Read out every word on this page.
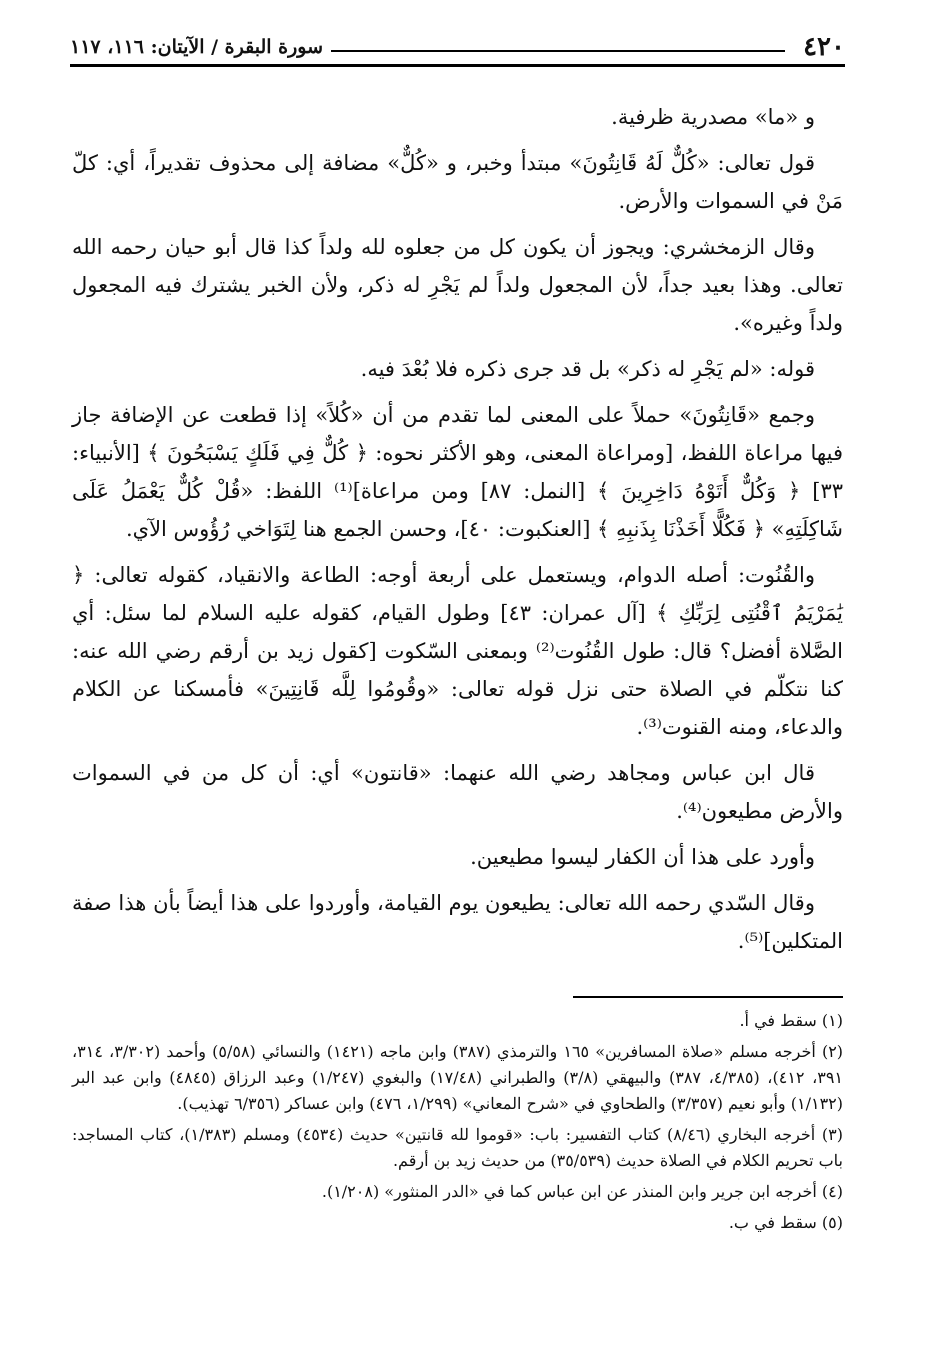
٤٢٠
سورة البقرة / الآيتان: ١١٦، ١١٧

و «ما» مصدرية ظرفية.

قول تعالى: «كُلٌّ لَهُ قَانِتُونَ» مبتدأ وخبر، و «كُلٌّ» مضافة إلى محذوف تقديراً، أي: كلّ مَنْ في السموات والأرض.

وقال الزمخشري: ويجوز أن يكون كل من جعلوه لله ولداً كذا قال أبو حيان رحمه الله تعالى. وهذا بعيد جداً، لأن المجعول ولداً لم يَجْرِ له ذكر، ولأن الخبر يشترك فيه المجعول ولداً وغيره».

قوله: «لم يَجْرِ له ذكر» بل قد جرى ذكره فلا بُعْدَ فيه.

وجمع «قَانِتُونَ» حملاً على المعنى لما تقدم من أن «كُلاً» إذا قطعت عن الإضافة جاز فيها مراعاة اللفظ، [ومراعاة المعنى، وهو الأكثر نحوه: ﴿ كُلٌّ فِي فَلَكٍ يَسْبَحُونَ ﴾ [الأنبياء: ٣٣] ﴿ وَكُلٌّ أَتَوْهُ دَاخِرِينَ ﴾ [النمل: ٨٧] ومن مراعاة]⁽¹⁾ اللفظ: «قُلْ كُلٌّ يَعْمَلُ عَلَى شَاكِلَتِهِ» ﴿ فَكُلًّا أَخَذْنَا بِذَنبِهِ ﴾ [العنكبوت: ٤٠]، وحسن الجمع هنا لِتَوَاخي رُؤُوس الآي.

والقُنُوت: أصله الدوام، ويستعمل على أربعة أوجه: الطاعة والانقياد، كقوله تعالى: ﴿ يَٰمَرْيَمُ ٱقْنُتِى لِرَبِّكِ ﴾ [آل عمران: ٤٣] وطول القيام، كقوله عليه السلام لما سئل: أي الصَّلاة أفضل؟ قال: طول القُنُوت⁽²⁾ وبمعنى السّكوت [كقول زيد بن أرقم رضي الله عنه: كنا نتكلّم في الصلاة حتى نزل قوله تعالى: «وقُومُوا لِلَّه قَانِتِينَ» فأمسكنا عن الكلام والدعاء، ومنه القنوت⁽³⁾.

قال ابن عباس ومجاهد رضي الله عنهما: «قانتون» أي: أن كل من في السموات والأرض مطيعون⁽⁴⁾.

وأورد على هذا أن الكفار ليسوا مطيعين.

وقال السّدي رحمه الله تعالى: يطيعون يوم القيامة، وأوردوا على هذا أيضاً بأن هذا صفة المتكلين]⁽⁵⁾.

(١) سقط في أ.

(٢) أخرجه مسلم «صلاة المسافرين» ١٦٥ والترمذي (٣٨٧) وابن ماجه (١٤٢١) والنسائي (٥/٥٨) وأحمد (٣/٣٠٢، ٣١٤، ٣٩١، ٤١٢)، (٤/٣٨٥، ٣٨٧) والبيهقي (٣/٨) والطبراني (١٧/٤٨) والبغوي (١/٢٤٧) وعبد الرزاق (٤٨٤٥) وابن عبد البر (١/١٣٢) وأبو نعيم (٣/٣٥٧) والطحاوي في «شرح المعاني» (١/٢٩٩، ٤٧٦) وابن عساكر (٦/٣٥٦ تهذيب).

(٣) أخرجه البخاري (٨/٤٦) كتاب التفسير: باب: «قوموا لله قانتين» حديث (٤٥٣٤) ومسلم (١/٣٨٣)، كتاب المساجد: باب تحريم الكلام في الصلاة حديث (٣٥/٥٣٩) من حديث زيد بن أرقم.

(٤) أخرجه ابن جرير وابن المنذر عن ابن عباس كما في «الدر المنثور» (١/٢٠٨).

(٥) سقط في ب.
